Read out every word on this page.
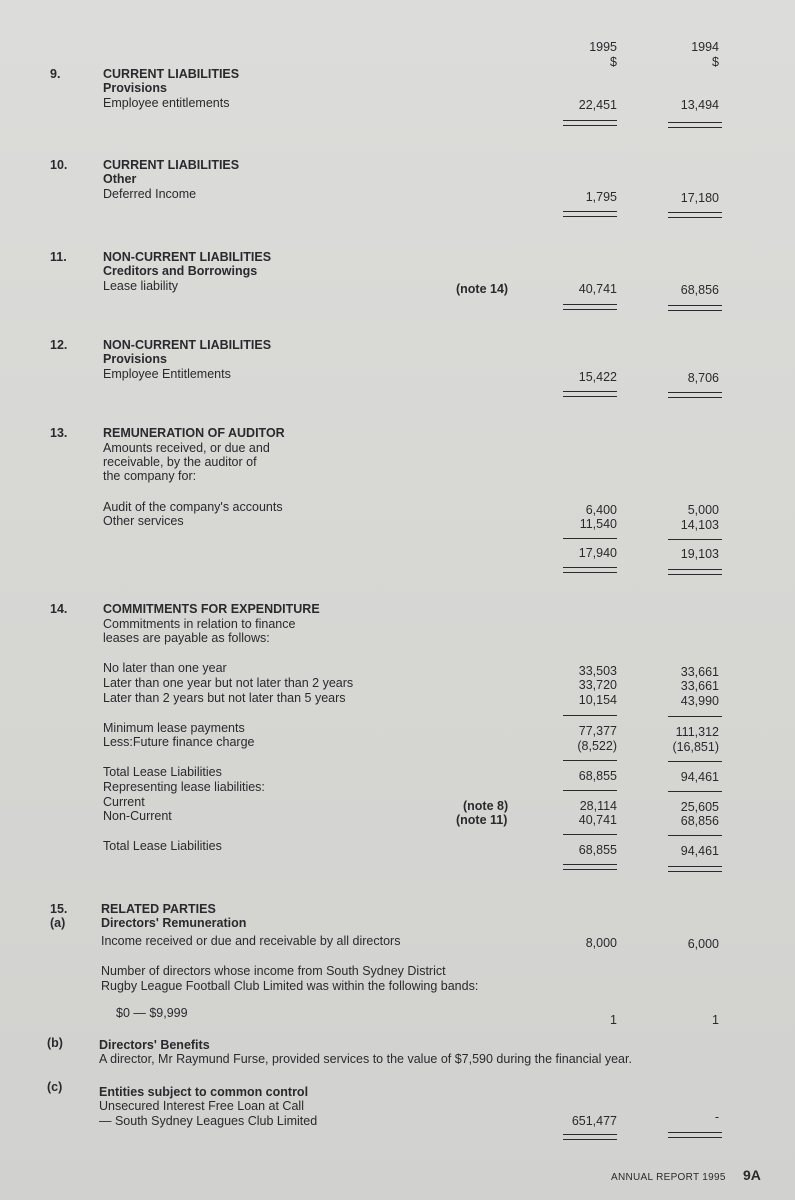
1995
$
1994
$
9.	CURRENT LIABILITIES
Provisions
Employee entitlements	22,451	13,494
10.	CURRENT LIABILITIES
Other
Deferred Income	1,795	17,180
11.	NON-CURRENT LIABILITIES
Creditors and Borrowings
Lease liability	(note 14)	40,741	68,856
12.	NON-CURRENT LIABILITIES
Provisions
Employee Entitlements	15,422	8,706
13.	REMUNERATION OF AUDITOR
Amounts received, or due and
receivable, by the auditor of
the company for:
Audit of the company's accounts	6,400	5,000
Other services	11,540	14,103
17,940	19,103
14.	COMMITMENTS FOR EXPENDITURE
Commitments in relation to finance
leases are payable as follows:
No later than one year	33,503	33,661
Later than one year but not later than 2 years	33,720	33,661
Later than 2 years but not later than 5 years	10,154	43,990
Minimum lease payments	77,377	111,312
Less:Future finance charge	(8,522)	(16,851)
Total Lease Liabilities	68,855	94,461
Representing lease liabilities:
Current	(note 8)	28,114	25,605
Non-Current	(note 11)	40,741	68,856
Total Lease Liabilities	68,855	94,461
15.
(a)
RELATED PARTIES
Directors' Remuneration
Income received or due and receivable by all directors	8,000	6,000
Number of directors whose income from South Sydney District
Rugby League Football Club Limited was within the following bands:
$0 — $9,999	1	1
(b)	Directors' Benefits
A director, Mr Raymund Furse, provided services to the value of $7,590 during the financial year.
(c)	Entities subject to common control
Unsecured Interest Free Loan at Call
— South Sydney Leagues Club Limited	651,477	-
ANNUAL REPORT 1995 9A
